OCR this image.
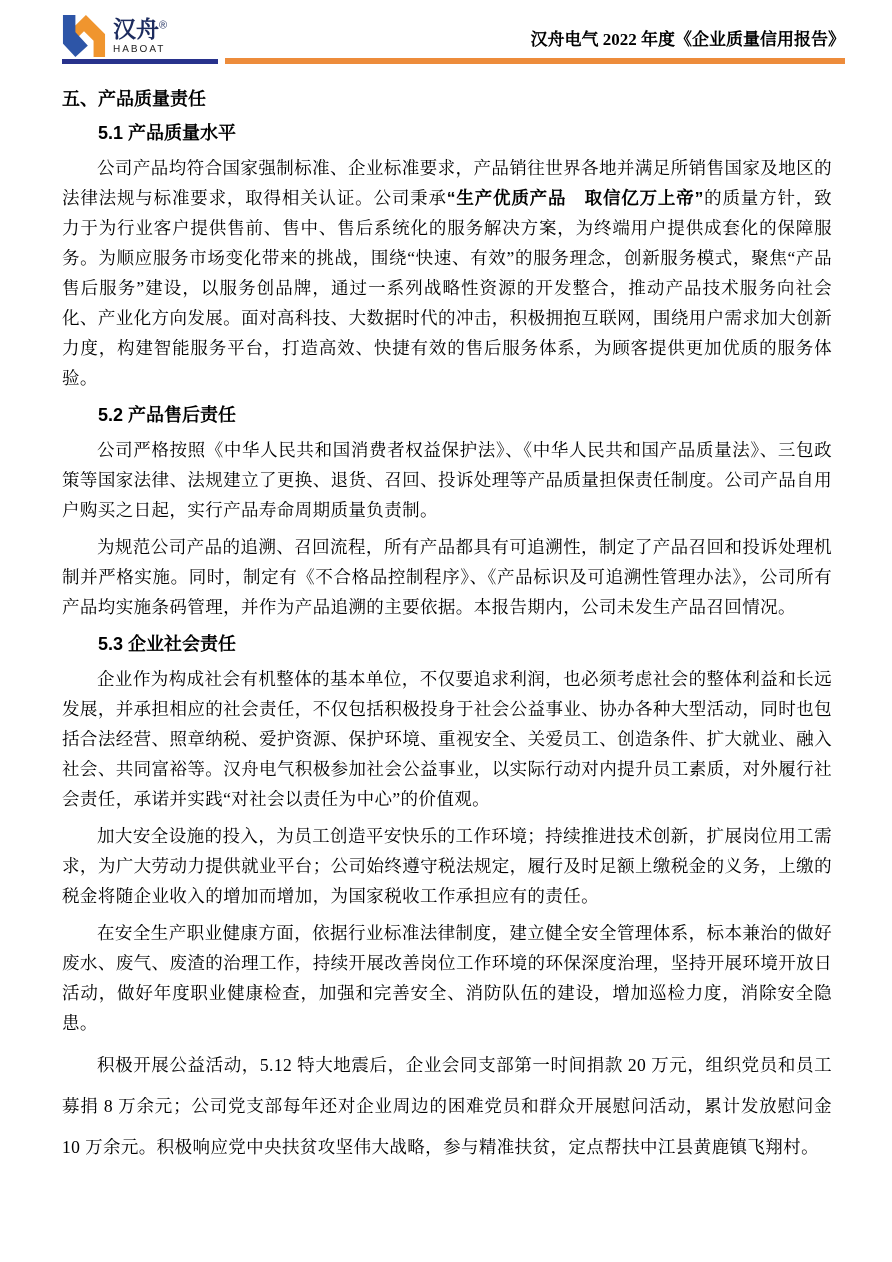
汉舟®
HABOAT
汉舟电气 2022 年度《企业质量信用报告》
五、产品质量责任
5.1 产品质量水平

公司产品均符合国家强制标准、企业标准要求，产品销往世界各地并满足所销售国家及地区的法律法规与标准要求，取得相关认证。公司秉承“生产优质产品　取信亿万上帝”的质量方针，致力于为行业客户提供售前、售中、售后系统化的服务解决方案，为终端用户提供成套化的保障服务。为顺应服务市场变化带来的挑战，围绕“快速、有效”的服务理念，创新服务模式，聚焦“产品售后服务”建设，以服务创品牌，通过一系列战略性资源的开发整合，推动产品技术服务向社会化、产业化方向发展。面对高科技、大数据时代的冲击，积极拥抱互联网，围绕用户需求加大创新力度，构建智能服务平台，打造高效、快捷有效的售后服务体系，为顾客提供更加优质的服务体验。

5.2 产品售后责任

公司严格按照《中华人民共和国消费者权益保护法》、《中华人民共和国产品质量法》、三包政策等国家法律、法规建立了更换、退货、召回、投诉处理等产品质量担保责任制度。公司产品自用户购买之日起，实行产品寿命周期质量负责制。

为规范公司产品的追溯、召回流程，所有产品都具有可追溯性，制定了产品召回和投诉处理机制并严格实施。同时，制定有《不合格品控制程序》、《产品标识及可追溯性管理办法》，公司所有产品均实施条码管理，并作为产品追溯的主要依据。本报告期内，公司未发生产品召回情况。

5.3 企业社会责任

企业作为构成社会有机整体的基本单位，不仅要追求利润，也必须考虑社会的整体利益和长远发展，并承担相应的社会责任，不仅包括积极投身于社会公益事业、协办各种大型活动，同时也包括合法经营、照章纳税、爱护资源、保护环境、重视安全、关爱员工、创造条件、扩大就业、融入社会、共同富裕等。汉舟电气积极参加社会公益事业，以实际行动对内提升员工素质，对外履行社会责任，承诺并实践“对社会以责任为中心”的价值观。

加大安全设施的投入，为员工创造平安快乐的工作环境；持续推进技术创新，扩展岗位用工需求，为广大劳动力提供就业平台；公司始终遵守税法规定，履行及时足额上缴税金的义务，上缴的税金将随企业收入的增加而增加，为国家税收工作承担应有的责任。

在安全生产职业健康方面，依据行业标准法律制度，建立健全安全管理体系，标本兼治的做好废水、废气、废渣的治理工作，持续开展改善岗位工作环境的环保深度治理，坚持开展环境开放日活动，做好年度职业健康检查，加强和完善安全、消防队伍的建设，增加巡检力度，消除安全隐患。

积极开展公益活动，5.12 特大地震后，企业会同支部第一时间捐款 20 万元，组织党员和员工募捐 8 万余元；公司党支部每年还对企业周边的困难党员和群众开展慰问活动，累计发放慰问金 10 万余元。积极响应党中央扶贫攻坚伟大战略，参与精准扶贫，定点帮扶中江县黄鹿镇飞翔村。
